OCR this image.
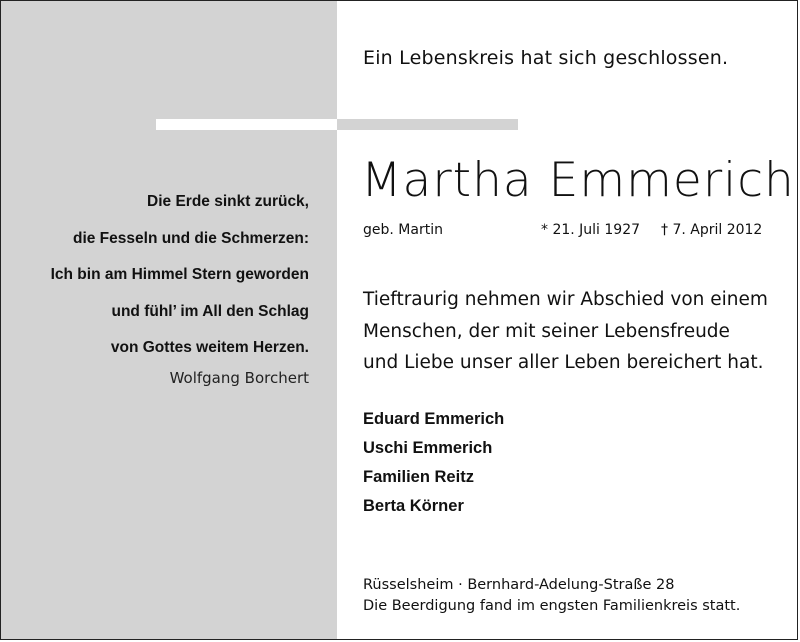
Ein Lebenskreis hat sich geschlossen.
Die Erde sinkt zurück,
die Fesseln und die Schmerzen:
Ich bin am Himmel Stern geworden
und fühl’ im All den Schlag
von Gottes weitem Herzen.
Wolfgang Borchert
Martha Emmerich
geb. Martin	* 21. Juli 1927 † 7. April 2012
Tieftraurig nehmen wir Abschied von einem
Menschen, der mit seiner Lebensfreude
und Liebe unser aller Leben bereichert hat.
Eduard Emmerich
Uschi Emmerich
Familien Reitz
Berta Körner
Rüsselsheim · Bernhard-Adelung-Straße 28
Die Beerdigung fand im engsten Familienkreis statt.
